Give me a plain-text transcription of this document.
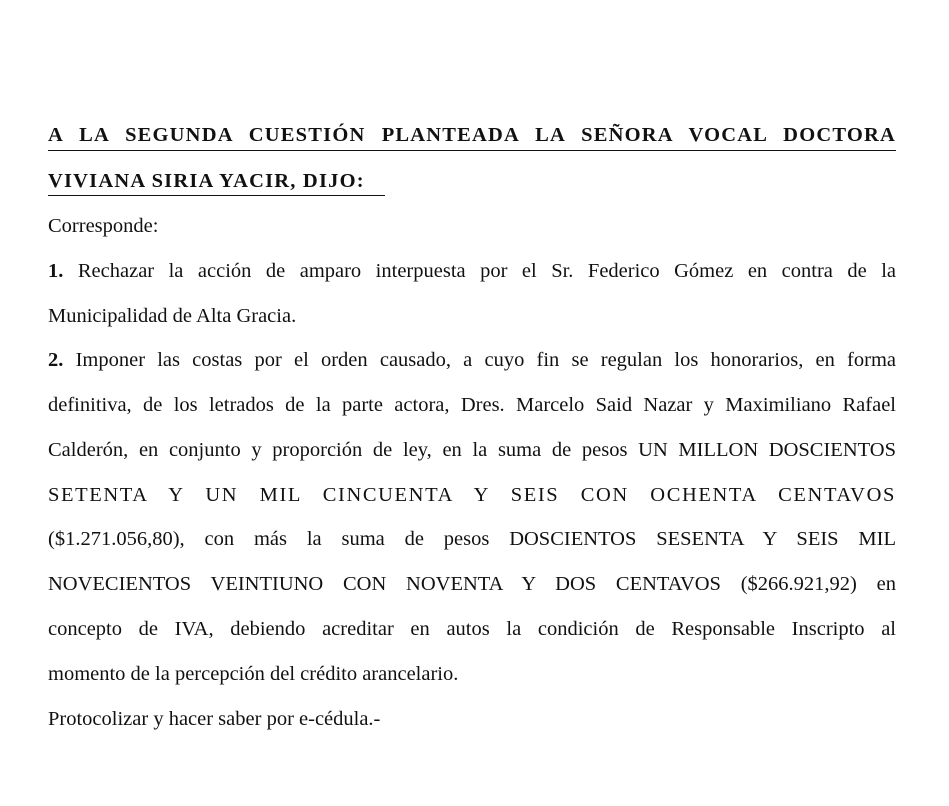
A LA SEGUNDA CUESTIÓN PLANTEADA LA SEÑORA VOCAL DOCTORA
VIVIANA SIRIA YACIR, DIJO:
Corresponde:
1. Rechazar la acción de amparo interpuesta por el Sr. Federico Gómez en contra de la
Municipalidad de Alta Gracia.
2. Imponer las costas por el orden causado, a cuyo fin se regulan los honorarios, en forma
definitiva, de los letrados de la parte actora, Dres. Marcelo Said Nazar y Maximiliano Rafael
Calderón, en conjunto y proporción de ley, en la suma de pesos UN MILLON DOSCIENTOS
SETENTA Y UN MIL CINCUENTA Y SEIS CON OCHENTA CENTAVOS
($1.271.056,80), con más la suma de pesos DOSCIENTOS SESENTA Y SEIS MIL
NOVECIENTOS VEINTIUNO CON NOVENTA Y DOS CENTAVOS ($266.921,92) en
concepto de IVA, debiendo acreditar en autos la condición de Responsable Inscripto al
momento de la percepción del crédito arancelario.
Protocolizar y hacer saber por e-cédula.-
